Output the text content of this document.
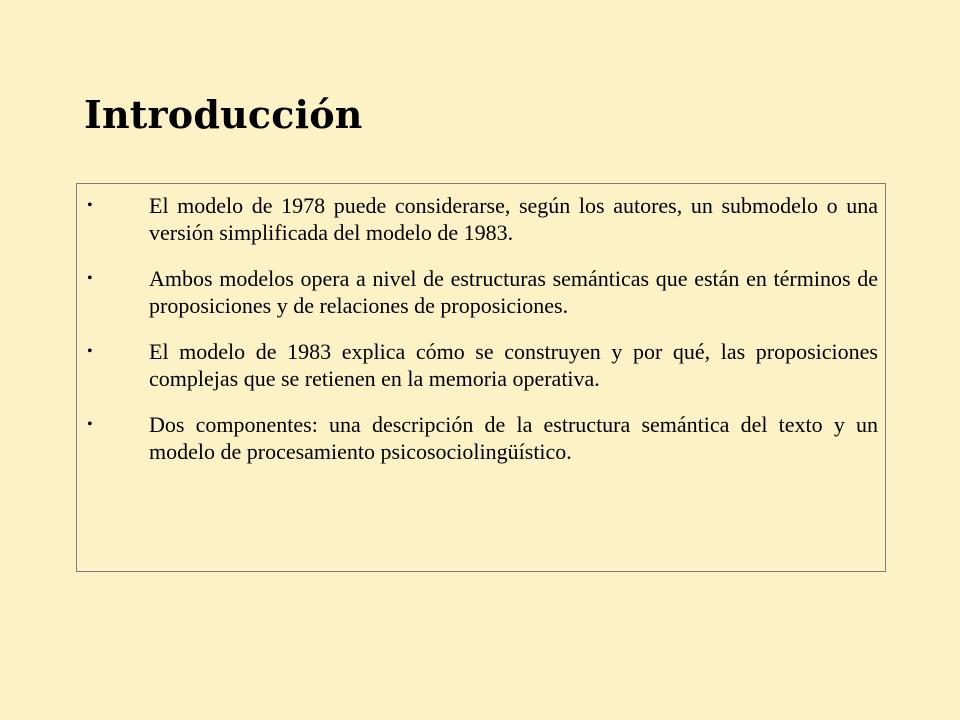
Introducción
•	El modelo de 1978 puede considerarse, según los autores, un submodelo o una versión simplificada del modelo de 1983.
•	Ambos modelos opera a nivel de estructuras semánticas que están en términos de proposiciones y de relaciones de proposiciones.
•	El modelo de 1983 explica cómo se construyen y por qué, las proposiciones complejas que se retienen en la memoria operativa.
•	Dos componentes: una descripción de la estructura semántica del texto y un modelo de procesamiento psicosociolingüístico.
